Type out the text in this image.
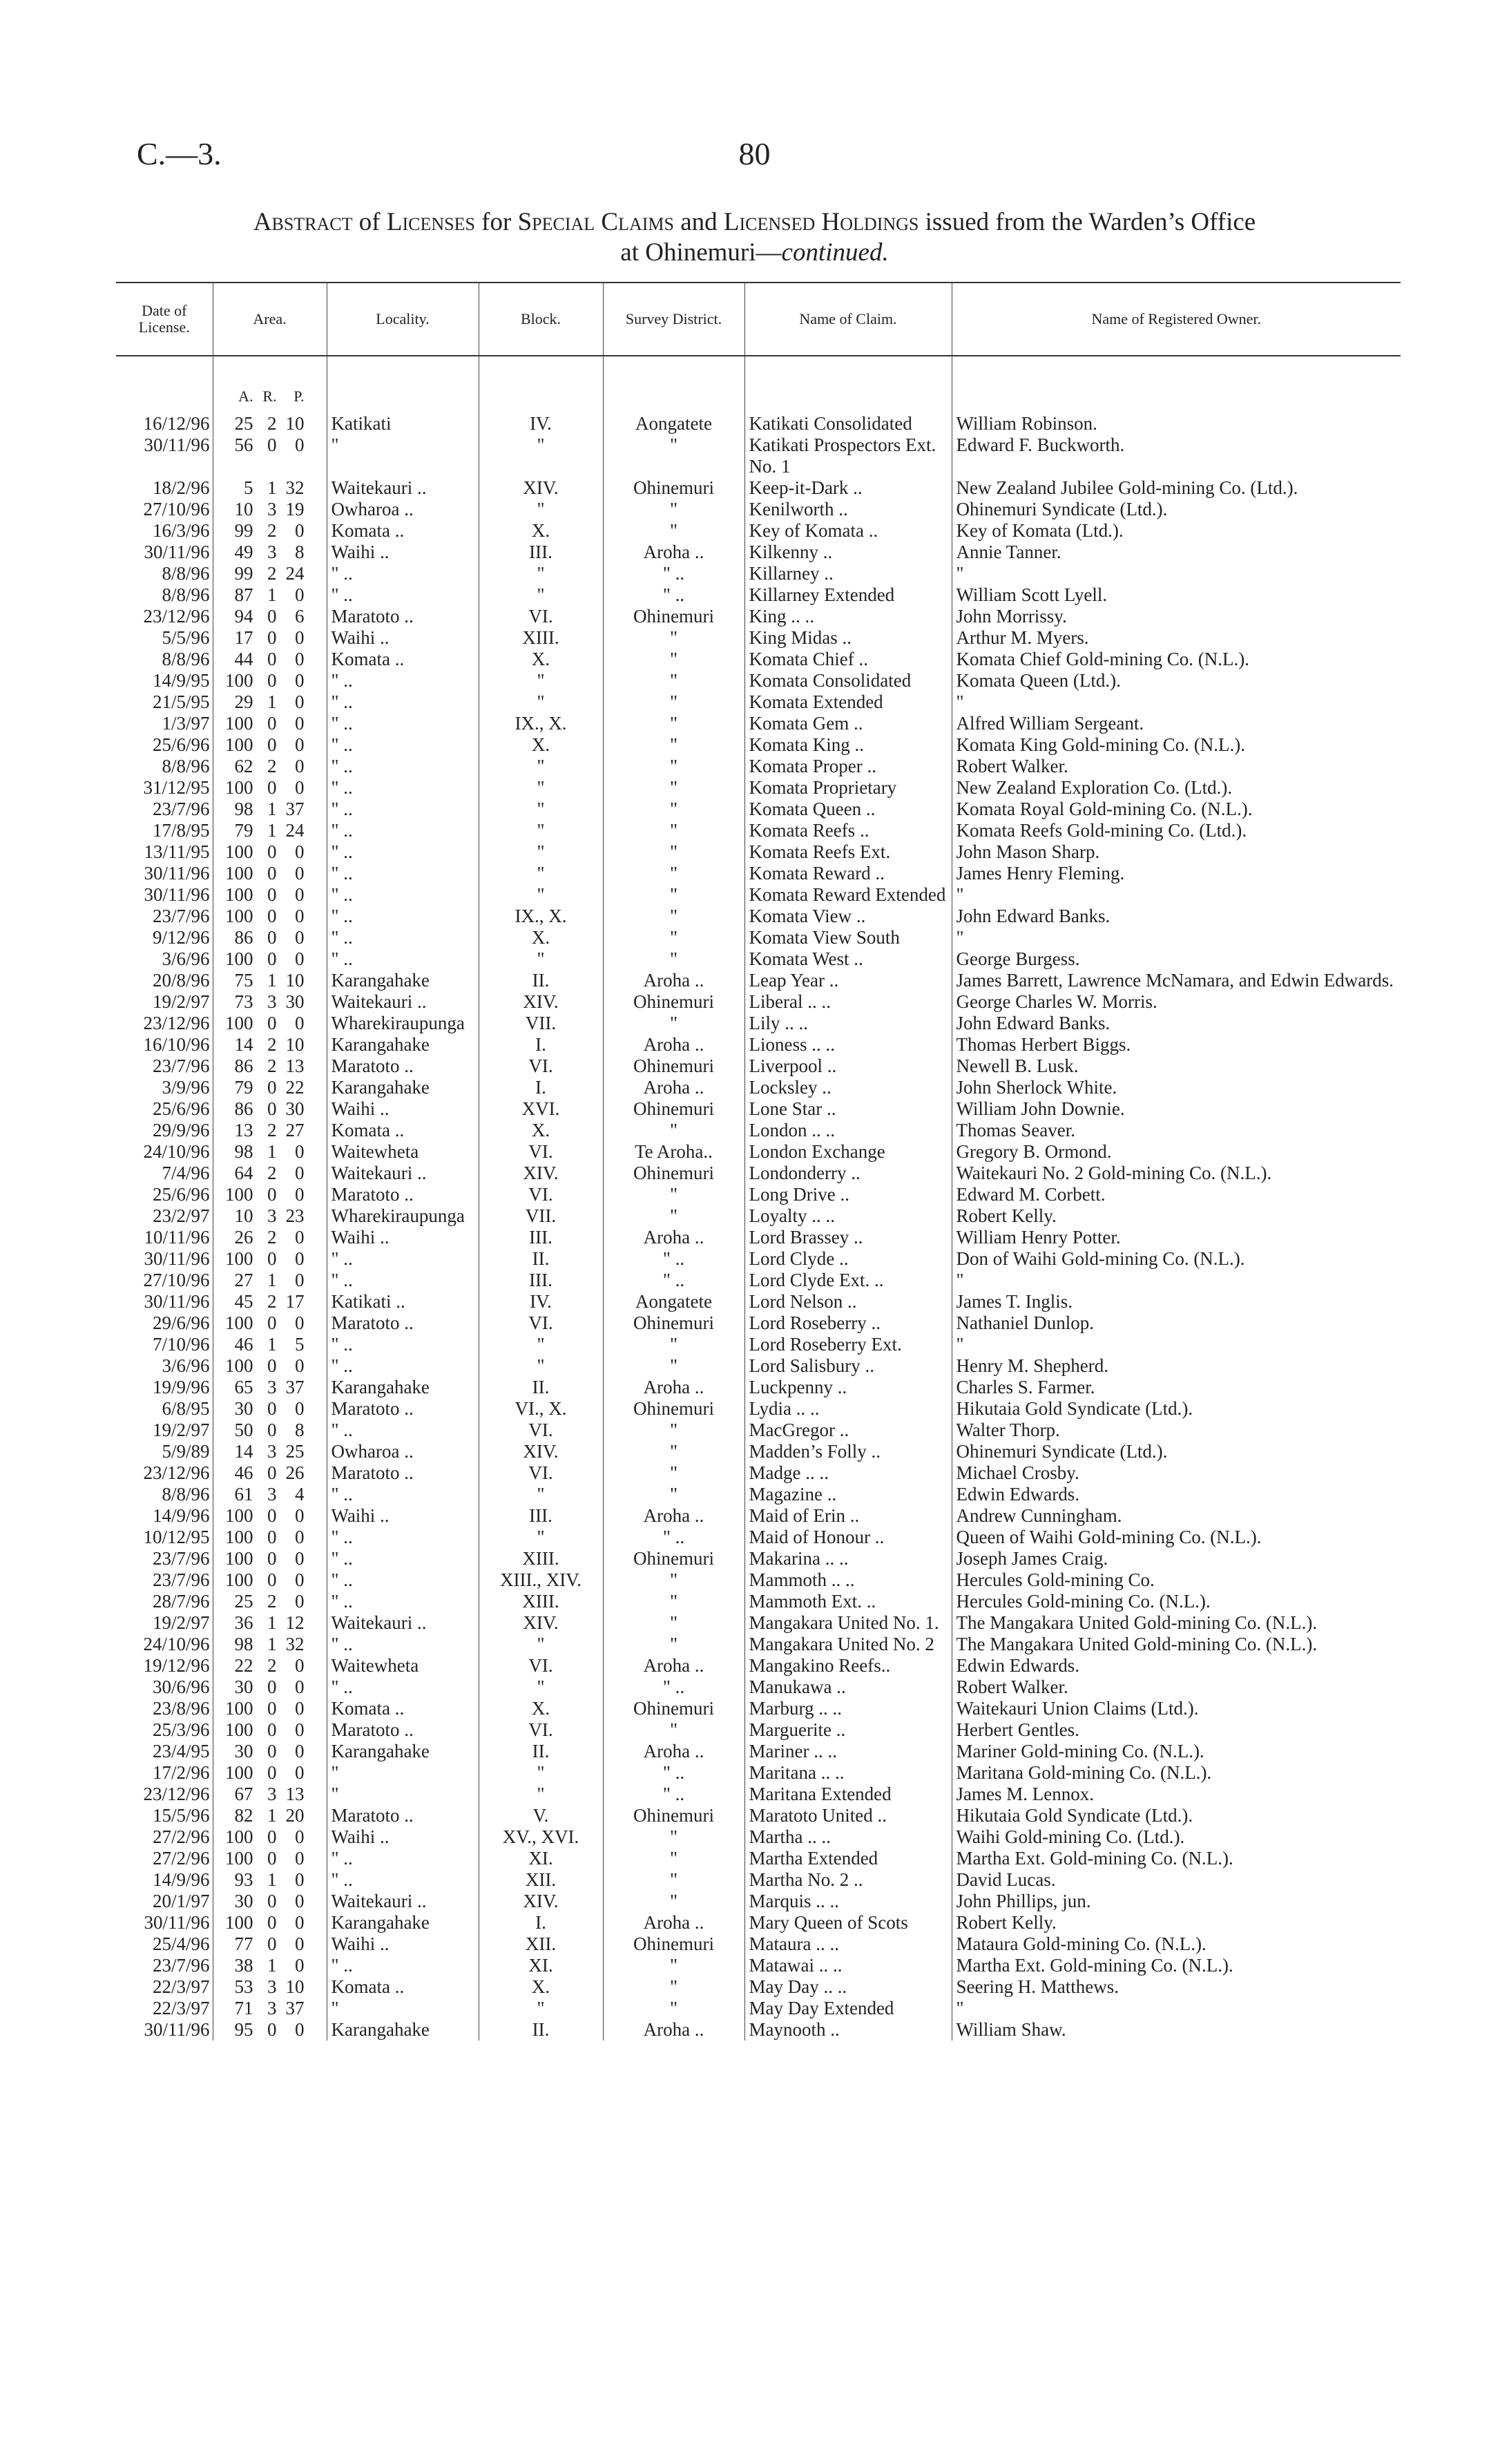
C.—3.	80
Abstract of Licenses for Special Claims and Licensed Holdings issued from the Warden’s Office
at Ohinemuri—continued.
Date of License.	Area.	Locality.	Block.	Survey District.	Name of Claim.	Name of Registered Owner.
	A. R. P.					
16/12/96	25 2 10	Katikati	IV.	Aongatete	Katikati Consolidated	William Robinson.
30/11/96	56 0 0	"	"	"	Katikati Prospectors Ext. No. 1	Edward F. Buckworth.
18/2/96	5 1 32	Waitekauri ..	XIV.	Ohinemuri	Keep-it-Dark ..	New Zealand Jubilee Gold-mining Co. (Ltd.).
27/10/96	10 3 19	Owharoa ..	"	"	Kenilworth ..	Ohinemuri Syndicate (Ltd.).
16/3/96	99 2 0	Komata ..	X.	"	Key of Komata ..	Key of Komata (Ltd.).
30/11/96	49 3 8	Waihi ..	III.	Aroha ..	Kilkenny ..	Annie Tanner.
8/8/96	99 2 24	" ..	"	" ..	Killarney ..	"
8/8/96	87 1 0	" ..	"	" ..	Killarney Extended	William Scott Lyell.
23/12/96	94 0 6	Maratoto ..	VI.	Ohinemuri	King .. ..	John Morrissy.
5/5/96	17 0 0	Waihi ..	XIII.	"	King Midas ..	Arthur M. Myers.
8/8/96	44 0 0	Komata ..	X.	"	Komata Chief ..	Komata Chief Gold-mining Co. (N.L.).
14/9/95	100 0 0	" ..	"	"	Komata Consolidated	Komata Queen (Ltd.).
21/5/95	29 1 0	" ..	"	"	Komata Extended	"
1/3/97	100 0 0	" ..	IX., X.	"	Komata Gem ..	Alfred William Sergeant.
25/6/96	100 0 0	" ..	X.	"	Komata King ..	Komata King Gold-mining Co. (N.L.).
8/8/96	62 2 0	" ..	"	"	Komata Proper ..	Robert Walker.
31/12/95	100 0 0	" ..	"	"	Komata Proprietary	New Zealand Exploration Co. (Ltd.).
23/7/96	98 1 37	" ..	"	"	Komata Queen ..	Komata Royal Gold-mining Co. (N.L.).
17/8/95	79 1 24	" ..	"	"	Komata Reefs ..	Komata Reefs Gold-mining Co. (Ltd.).
13/11/95	100 0 0	" ..	"	"	Komata Reefs Ext.	John Mason Sharp.
30/11/96	100 0 0	" ..	"	"	Komata Reward ..	James Henry Fleming.
30/11/96	100 0 0	" ..	"	"	Komata Reward Extended	"
23/7/96	100 0 0	" ..	IX., X.	"	Komata View ..	John Edward Banks.
9/12/96	86 0 0	" ..	X.	"	Komata View South	"
3/6/96	100 0 0	" ..	"	"	Komata West ..	George Burgess.
20/8/96	75 1 10	Karangahake	II.	Aroha ..	Leap Year ..	James Barrett, Lawrence McNamara, and Edwin Edwards.
19/2/97	73 3 30	Waitekauri ..	XIV.	Ohinemuri	Liberal .. ..	George Charles W. Morris.
23/12/96	100 0 0	Wharekiraupunga	VII.	"	Lily .. ..	John Edward Banks.
16/10/96	14 2 10	Karangahake	I.	Aroha ..	Lioness .. ..	Thomas Herbert Biggs.
23/7/96	86 2 13	Maratoto ..	VI.	Ohinemuri	Liverpool ..	Newell B. Lusk.
3/9/96	79 0 22	Karangahake	I.	Aroha ..	Locksley ..	John Sherlock White.
25/6/96	86 0 30	Waihi ..	XVI.	Ohinemuri	Lone Star ..	William John Downie.
29/9/96	13 2 27	Komata ..	X.	"	London .. ..	Thomas Seaver.
24/10/96	98 1 0	Waitewheta	VI.	Te Aroha..	London Exchange	Gregory B. Ormond.
7/4/96	64 2 0	Waitekauri ..	XIV.	Ohinemuri	Londonderry ..	Waitekauri No. 2 Gold-mining Co. (N.L.).
25/6/96	100 0 0	Maratoto ..	VI.	"	Long Drive ..	Edward M. Corbett.
23/2/97	10 3 23	Wharekiraupunga	VII.	"	Loyalty .. ..	Robert Kelly.
10/11/96	26 2 0	Waihi ..	III.	Aroha ..	Lord Brassey ..	William Henry Potter.
30/11/96	100 0 0	" ..	II.	" ..	Lord Clyde ..	Don of Waihi Gold-mining Co. (N.L.).
27/10/96	27 1 0	" ..	III.	" ..	Lord Clyde Ext. ..	"
30/11/96	45 2 17	Katikati ..	IV.	Aongatete	Lord Nelson ..	James T. Inglis.
29/6/96	100 0 0	Maratoto ..	VI.	Ohinemuri	Lord Roseberry ..	Nathaniel Dunlop.
7/10/96	46 1 5	" ..	"	"	Lord Roseberry Ext.	"
3/6/96	100 0 0	" ..	"	"	Lord Salisbury ..	Henry M. Shepherd.
19/9/96	65 3 37	Karangahake	II.	Aroha ..	Luckpenny ..	Charles S. Farmer.
6/8/95	30 0 0	Maratoto ..	VI., X.	Ohinemuri	Lydia .. ..	Hikutaia Gold Syndicate (Ltd.).
19/2/97	50 0 8	" ..	VI.	"	MacGregor ..	Walter Thorp.
5/9/89	14 3 25	Owharoa ..	XIV.	"	Madden’s Folly ..	Ohinemuri Syndicate (Ltd.).
23/12/96	46 0 26	Maratoto ..	VI.	"	Madge .. ..	Michael Crosby.
8/8/96	61 3 4	" ..	"	"	Magazine ..	Edwin Edwards.
14/9/96	100 0 0	Waihi ..	III.	Aroha ..	Maid of Erin ..	Andrew Cunningham.
10/12/95	100 0 0	" ..	"	" ..	Maid of Honour ..	Queen of Waihi Gold-mining Co. (N.L.).
23/7/96	100 0 0	" ..	XIII.	Ohinemuri	Makarina .. ..	Joseph James Craig.
23/7/96	100 0 0	" ..	XIII., XIV.	"	Mammoth .. ..	Hercules Gold-mining Co.
28/7/96	25 2 0	" ..	XIII.	"	Mammoth Ext. ..	Hercules Gold-mining Co. (N.L.).
19/2/97	36 1 12	Waitekauri ..	XIV.	"	Mangakara United No. 1.	The Mangakara United Gold-mining Co. (N.L.).
24/10/96	98 1 32	" ..	"	"	Mangakara United No. 2	The Mangakara United Gold-mining Co. (N.L.).
19/12/96	22 2 0	Waitewheta	VI.	Aroha ..	Mangakino Reefs..	Edwin Edwards.
30/6/96	30 0 0	" ..	"	" ..	Manukawa ..	Robert Walker.
23/8/96	100 0 0	Komata ..	X.	Ohinemuri	Marburg .. ..	Waitekauri Union Claims (Ltd.).
25/3/96	100 0 0	Maratoto ..	VI.	"	Marguerite ..	Herbert Gentles.
23/4/95	30 0 0	Karangahake	II.	Aroha ..	Mariner .. ..	Mariner Gold-mining Co. (N.L.).
17/2/96	100 0 0	"	"	" ..	Maritana .. ..	Maritana Gold-mining Co. (N.L.).
23/12/96	67 3 13	"	"	" ..	Maritana Extended	James M. Lennox.
15/5/96	82 1 20	Maratoto ..	V.	Ohinemuri	Maratoto United ..	Hikutaia Gold Syndicate (Ltd.).
27/2/96	100 0 0	Waihi ..	XV., XVI.	"	Martha .. ..	Waihi Gold-mining Co. (Ltd.).
27/2/96	100 0 0	" ..	XI.	"	Martha Extended	Martha Ext. Gold-mining Co. (N.L.).
14/9/96	93 1 0	" ..	XII.	"	Martha No. 2 ..	David Lucas.
20/1/97	30 0 0	Waitekauri ..	XIV.	"	Marquis .. ..	John Phillips, jun.
30/11/96	100 0 0	Karangahake	I.	Aroha ..	Mary Queen of Scots	Robert Kelly.
25/4/96	77 0 0	Waihi ..	XII.	Ohinemuri	Mataura .. ..	Mataura Gold-mining Co. (N.L.).
23/7/96	38 1 0	" ..	XI.	"	Matawai .. ..	Martha Ext. Gold-mining Co. (N.L.).
22/3/97	53 3 10	Komata ..	X.	"	May Day .. ..	Seering H. Matthews.
22/3/97	71 3 37	"	"	"	May Day Extended	"
30/11/96	95 0 0	Karangahake	II.	Aroha ..	Maynooth ..	William Shaw.
